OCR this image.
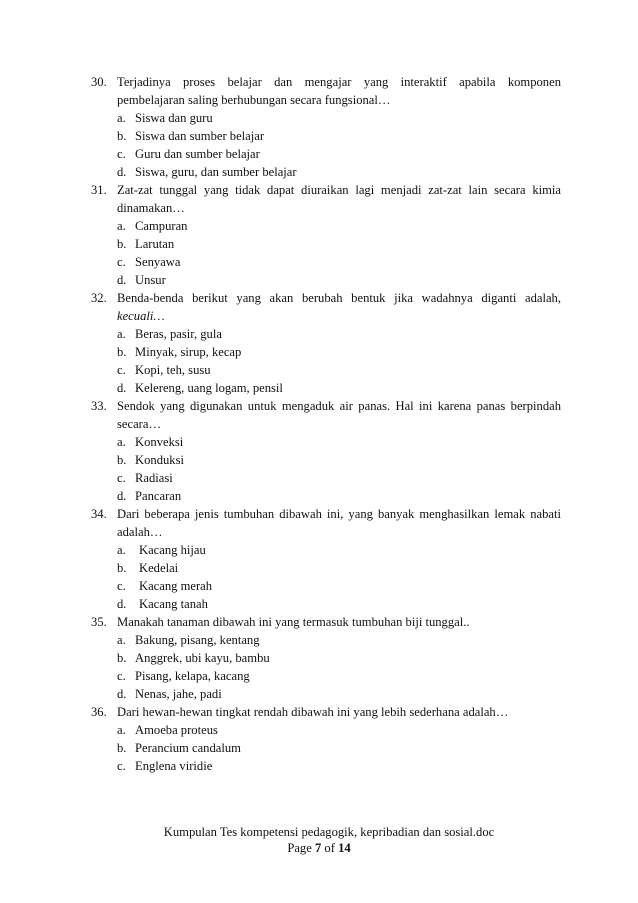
30. Terjadinya proses belajar dan mengajar yang interaktif apabila komponen
pembelajaran saling berhubungan secara fungsional…
a. Siswa dan guru
b. Siswa dan sumber belajar
c. Guru dan sumber belajar
d. Siswa, guru, dan sumber belajar
31. Zat-zat tunggal yang tidak dapat diuraikan lagi menjadi zat-zat lain secara kimia
dinamakan…
a. Campuran
b. Larutan
c. Senyawa
d. Unsur
32. Benda-benda berikut yang akan berubah bentuk jika wadahnya diganti adalah,
kecuali…
a. Beras, pasir, gula
b. Minyak, sirup, kecap
c. Kopi, teh, susu
d. Kelereng, uang logam, pensil
33. Sendok yang digunakan untuk mengaduk air panas. Hal ini karena panas berpindah
secara…
a. Konveksi
b. Konduksi
c. Radiasi
d. Pancaran
34. Dari beberapa jenis tumbuhan dibawah ini, yang banyak menghasilkan lemak nabati
adalah…
a.	Kacang hijau
b. Kedelai
c.	Kacang merah
d. Kacang tanah
35. Manakah tanaman dibawah ini yang termasuk tumbuhan biji tunggal..
a. Bakung, pisang, kentang
b. Anggrek, ubi kayu, bambu
c. Pisang, kelapa, kacang
d. Nenas, jahe, padi
36. Dari hewan-hewan tingkat rendah dibawah ini yang lebih sederhana adalah…
a. Amoeba proteus
b. Perancium candalum
c. Englena viridie
Kumpulan Tes kompetensi pedagogik, kepribadian dan sosial.doc
Page 7 of 14
